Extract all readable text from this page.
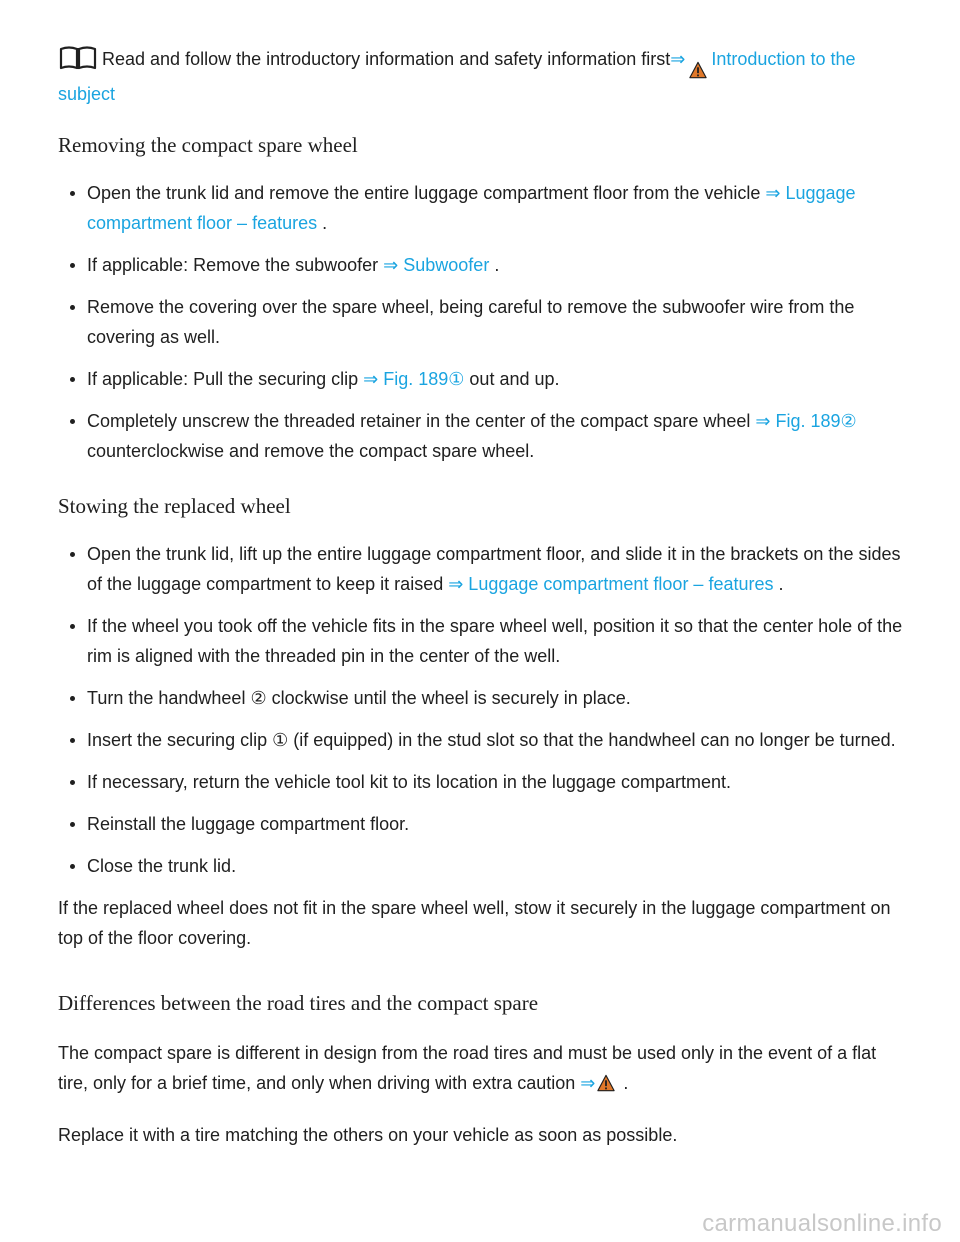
Read and follow the introductory information and safety information first⇒ Introduction to the subject

Removing the compact spare wheel
Open the trunk lid and remove the entire luggage compartment floor from the vehicle ⇒ Luggage compartment floor – features .
If applicable: Remove the subwoofer ⇒ Subwoofer .
Remove the covering over the spare wheel, being careful to remove the subwoofer wire from the covering as well.
If applicable: Pull the securing clip ⇒ Fig. 189① out and up.
Completely unscrew the threaded retainer in the center of the compact spare wheel ⇒ Fig. 189② counterclockwise and remove the compact spare wheel.
Stowing the replaced wheel
Open the trunk lid, lift up the entire luggage compartment floor, and slide it in the brackets on the sides of the luggage compartment to keep it raised ⇒ Luggage compartment floor – features .
If the wheel you took off the vehicle fits in the spare wheel well, position it so that the center hole of the rim is aligned with the threaded pin in the center of the well.
Turn the handwheel ② clockwise until the wheel is securely in place.
Insert the securing clip ① (if equipped) in the stud slot so that the handwheel can no longer be turned.
If necessary, return the vehicle tool kit to its location in the luggage compartment.
Reinstall the luggage compartment floor.
Close the trunk lid.

If the replaced wheel does not fit in the spare wheel well, stow it securely in the luggage compartment on top of the floor covering.

Differences between the road tires and the compact spare

The compact spare is different in design from the road tires and must be used only in the event of a flat tire, only for a brief time, and only when driving with extra caution ⇒ .

Replace it with a tire matching the others on your vehicle as soon as possible.

carmanualsonline.info
